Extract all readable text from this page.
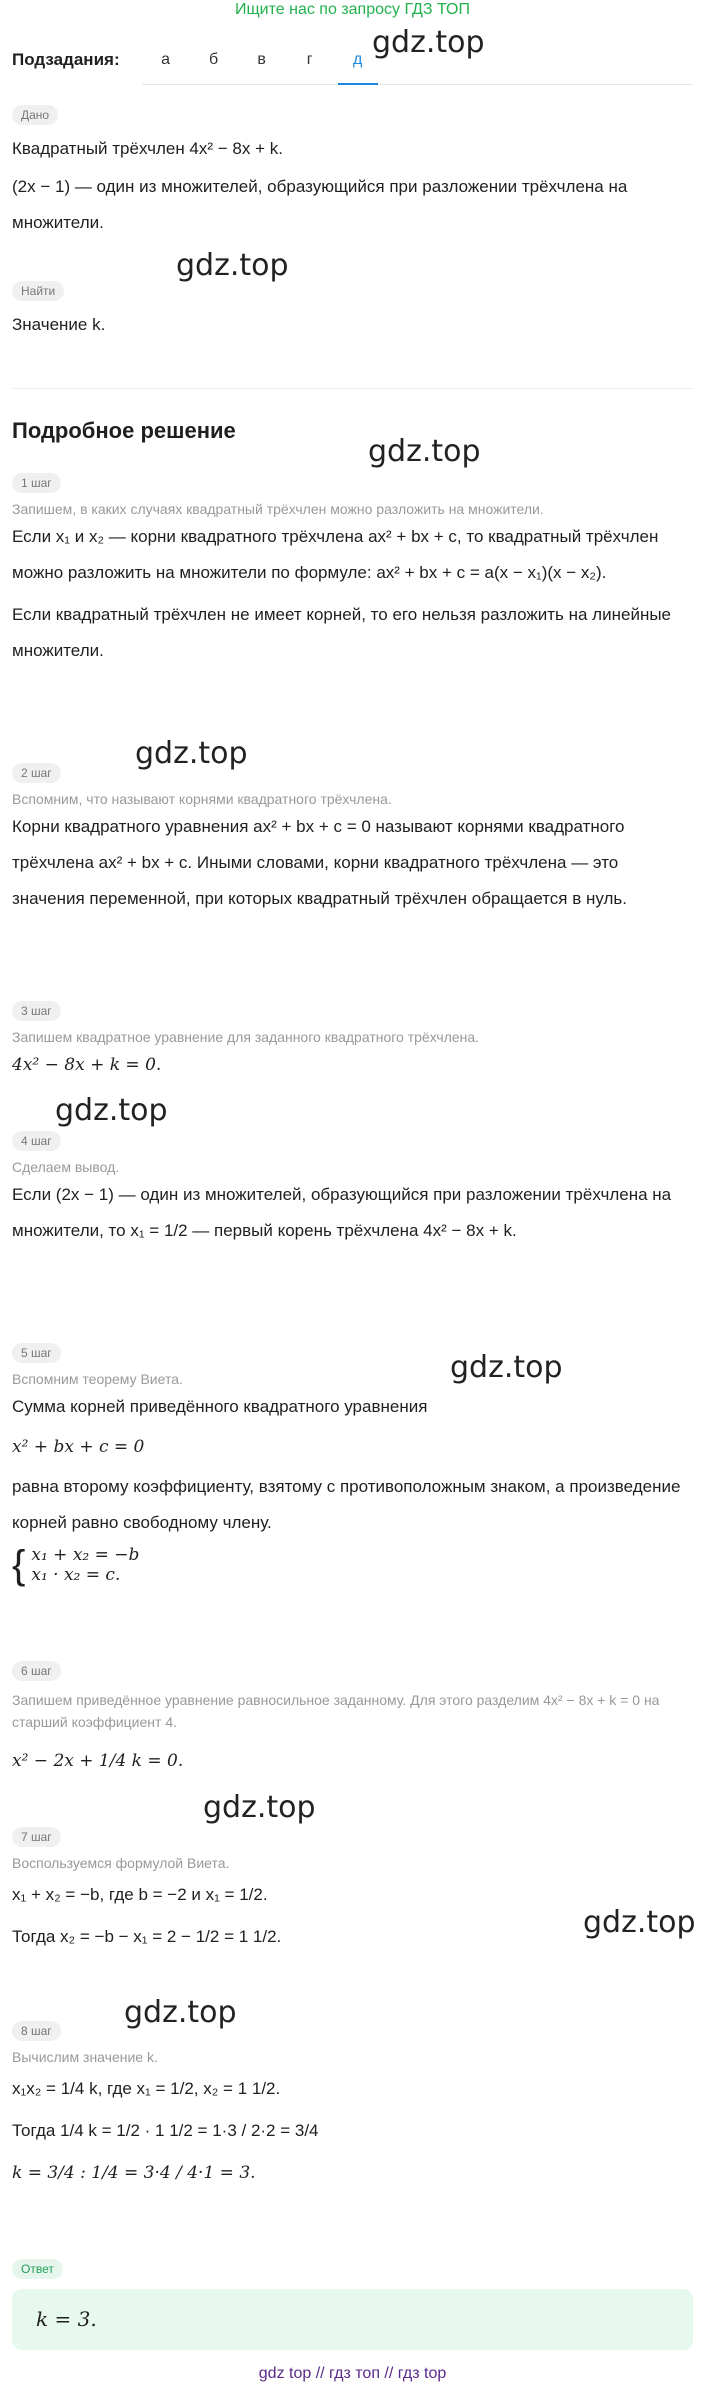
Ищите нас по запросу ГДЗ ТОП
Подзадания:	а	б	в	г	д gdz.top
gdz.top
gdz.top
gdz.top
gdz.top
gdz.top
gdz.top
gdz.top
gdz.top
Дано
Квадратный трёхчлен 4x² − 8x + k.
(2x − 1) — один из множителей, образующийся при разложении трёхчлена на множители.
Найти
Значение k.
Подробное решение
1 шаг
Запишем, в каких случаях квадратный трёхчлен можно разложить на множители.
Если x₁ и x₂ — корни квадратного трёхчлена ax² + bx + c, то квадратный трёхчлен можно разложить на множители по формуле: ax² + bx + c = a(x − x₁)(x − x₂).
Если квадратный трёхчлен не имеет корней, то его нельзя разложить на линейные множители.
2 шаг
Вспомним, что называют корнями квадратного трёхчлена.
Корни квадратного уравнения ax² + bx + c = 0 называют корнями квадратного трёхчлена ax² + bx + c. Иными словами, корни квадратного трёхчлена — это значения переменной, при которых квадратный трёхчлен обращается в нуль.
3 шаг
Запишем квадратное уравнение для заданного квадратного трёхчлена.
4x² − 8x + k = 0.
4 шаг
Сделаем вывод.
Если (2x − 1) — один из множителей, образующийся при разложении трёхчлена на множители, то x₁ = 1/2 — первый корень трёхчлена 4x² − 8x + k.
5 шаг
Вспомним теорему Виета.
Сумма корней приведённого квадратного уравнения
x² + bx + c = 0
равна второму коэффициенту, взятому с противоположным знаком, а произведение корней равно свободному члену.
{ x₁ + x₂ = −b
x₁ · x₂ = c.
6 шаг
Запишем приведённое уравнение равносильное заданному. Для этого разделим 4x² − 8x + k = 0 на старший коэффициент 4.
x² − 2x + 1/4 k = 0.
7 шаг
Воспользуемся формулой Виета.
x₁ + x₂ = −b, где b = −2 и x₁ = 1/2.
Тогда x₂ = −b − x₁ = 2 − 1/2 = 1 1/2.
8 шаг
Вычислим значение k.
x₁x₂ = 1/4 k, где x₁ = 1/2, x₂ = 1 1/2.
Тогда 1/4 k = 1/2 · 1 1/2 = 1·3 / 2·2 = 3/4
k = 3/4 : 1/4 = 3·4 / 4·1 = 3.
Ответ
k = 3.
gdz top // гдз топ // гдз top
